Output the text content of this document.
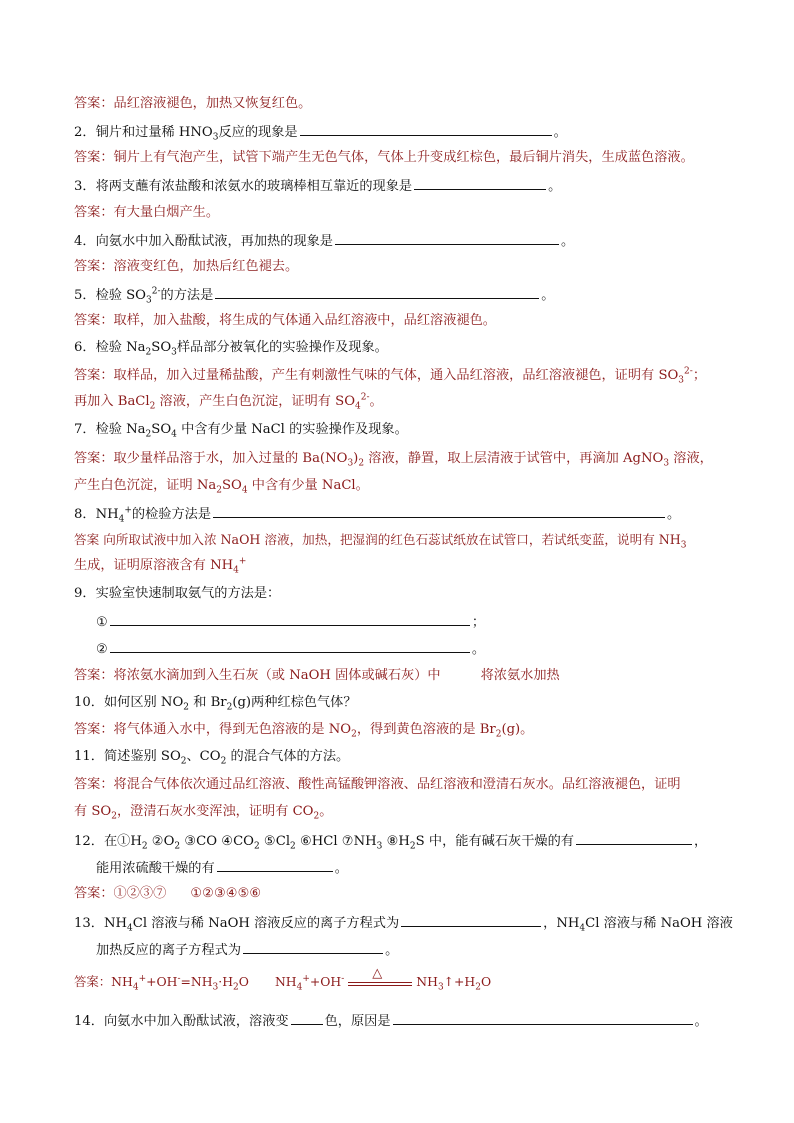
答案：品红溶液褪色，加热又恢复红色。
2．铜片和过量稀 $HNO_3$反应的现象是	。
答案：铜片上有气泡产生，试管下端产生无色气体，气体上升变成红棕色，最后铜片消失，生成蓝色溶液。
3．将两支蘸有浓盐酸和浓氨水的玻璃棒相互靠近的现象是	。
答案：有大量白烟产生。
4．向氨水中加入酚酞试液，再加热的现象是	。
答案：溶液变红色，加热后红色褪去。
5．检验 $SO_3^{2-}$的方法是	。
答案：取样，加入盐酸，将生成的气体通入品红溶液中，品红溶液褪色。
6．检验 $Na_2SO_3$样品部分被氧化的实验操作及现象。
答案：取样品，加入过量稀盐酸，产生有刺激性气味的气体，通入品红溶液，品红溶液褪色，证明有 $SO_3^{2-}$；
再加入 BaCl$_2$ 溶液，产生白色沉淀，证明有 $SO_4^{2-}$。
7．检验 $Na_2SO_4$ 中含有少量 NaCl 的实验操作及现象。
答案：取少量样品溶于水，加入过量的 $Ba(NO_3)_2$ 溶液，静置，取上层清液于试管中，再滴加 AgNO$_3$ 溶液，
产生白色沉淀，证明 $Na_2SO_4$ 中含有少量 NaCl。
8．$NH_4^+$的检验方法是	。
答案 向所取试液中加入浓 NaOH 溶液，加热，把湿润的红色石蕊试纸放在试管口，若试纸变蓝，说明有 $NH_3$
生成，证明原溶液含有 $NH_4^+$
9．实验室快速制取氨气的方法是：
①	；
②	。
答案：将浓氨水滴加到入生石灰（或 NaOH 固体或碱石灰）中	将浓氨水加热
10．如何区别 $NO_2$ 和 $Br_2(g)$两种红棕色气体？
答案：将气体通入水中，得到无色溶液的是 $NO_2$，得到黄色溶液的是 $Br_2(g)$。
11．简述鉴别 $SO_2$、$CO_2$ 的混合气体的方法。
答案：将混合气体依次通过品红溶液、酸性高锰酸钾溶液、品红溶液和澄清石灰水。品红溶液褪色，证明
有 $SO_2$，澄清石灰水变浑浊，证明有 $CO_2$。
12．在$①H_2$ $②O_2$ ③CO $④CO_2$ $⑤Cl_2$ ⑥HCl $⑦NH_3$ $⑧H_2S$ 中，能有碱石灰干燥的有	，
能用浓硫酸干燥的有	。
答案：①②③⑦ ①②③④⑤⑥
13．$NH_4Cl$ 溶液与稀 NaOH 溶液反应的离子方程式为	，$NH_4Cl$ 溶液与稀 NaOH 溶液
加热反应的离子方程式为	。
答案：$NH_4^++OH^-=NH_3\cdot H_2O$ $NH_4^++OH^-$ △
$NH_3↑+H_2O$
14．向氨水中加入酚酞试液，溶液变	色，原因是	。
